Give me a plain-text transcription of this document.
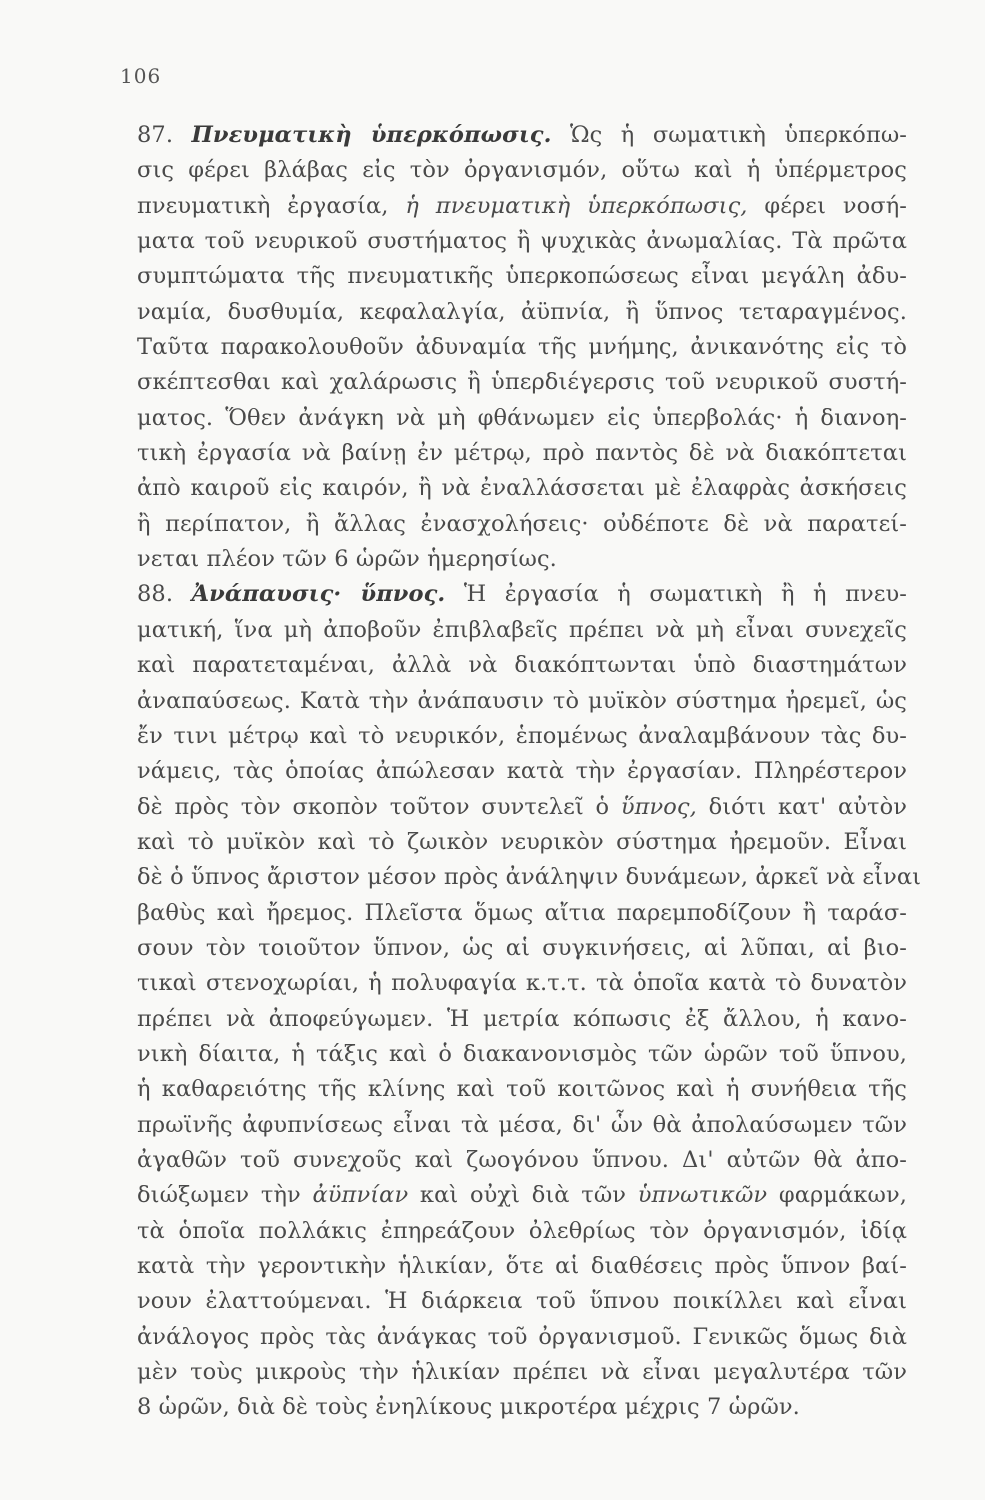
106
87. Πνευματικὴ ὑπερκόπωσις. Ὡς ἡ σωματικὴ ὑπερκόπω-
σις φέρει βλάβας εἰς τὸν ὀργανισμόν, οὕτω καὶ ἡ ὑπέρμετρος
πνευματικὴ ἐργασία, ἡ πνευματικὴ ὑπερκόπωσις, φέρει νοσή-
ματα τοῦ νευρικοῦ συστήματος ἢ ψυχικὰς ἀνωμαλίας. Τὰ πρῶτα
συμπτώματα τῆς πνευματικῆς ὑπερκοπώσεως εἶναι μεγάλη ἀδυ-
ναμία, δυσθυμία, κεφαλαλγία, ἀϋπνία, ἢ ὕπνος τεταραγμένος.
Ταῦτα παρακολουθοῦν ἀδυναμία τῆς μνήμης, ἀνικανότης εἰς τὸ
σκέπτεσθαι καὶ χαλάρωσις ἢ ὑπερδιέγερσις τοῦ νευρικοῦ συστή-
ματος. Ὅθεν ἀνάγκη νὰ μὴ φθάνωμεν εἰς ὑπερβολάς· ἡ διανοη-
τικὴ ἐργασία νὰ βαίνῃ ἐν μέτρῳ, πρὸ παντὸς δὲ νὰ διακόπτεται
ἀπὸ καιροῦ εἰς καιρόν, ἢ νὰ ἐναλλάσσεται μὲ ἐλαφρὰς ἀσκήσεις
ἢ περίπατον, ἢ ἄλλας ἐνασχολήσεις· οὐδέποτε δὲ νὰ παρατεί-
νεται πλέον τῶν 6 ὡρῶν ἡμερησίως.
88. Ἀνάπαυσις· ὕπνος. Ἡ ἐργασία ἡ σωματικὴ ἢ ἡ πνευ-
ματική, ἵνα μὴ ἀποβοῦν ἐπιβλαβεῖς πρέπει νὰ μὴ εἶναι συνεχεῖς
καὶ παρατεταμέναι, ἀλλὰ νὰ διακόπτωνται ὑπὸ διαστημάτων
ἀναπαύσεως. Κατὰ τὴν ἀνάπαυσιν τὸ μυϊκὸν σύστημα ἠρεμεῖ, ὡς
ἔν τινι μέτρῳ καὶ τὸ νευρικόν, ἑπομένως ἀναλαμβάνουν τὰς δυ-
νάμεις, τὰς ὁποίας ἀπώλεσαν κατὰ τὴν ἐργασίαν. Πληρέστερον
δὲ πρὸς τὸν σκοπὸν τοῦτον συντελεῖ ὁ ὕπνος, διότι κατ' αὐτὸν
καὶ τὸ μυϊκὸν καὶ τὸ ζωικὸν νευρικὸν σύστημα ἠρεμοῦν. Εἶναι
δὲ ὁ ὕπνος ἄριστον μέσον πρὸς ἀνάληψιν δυνάμεων, ἀρκεῖ νὰ εἶναι
βαθὺς καὶ ἤρεμος. Πλεῖστα ὅμως αἴτια παρεμποδίζουν ἢ ταράσ-
σουν τὸν τοιοῦτον ὕπνον, ὡς αἱ συγκινήσεις, αἱ λῦπαι, αἱ βιο-
τικαὶ στενοχωρίαι, ἡ πολυφαγία κ.τ.τ. τὰ ὁποῖα κατὰ τὸ δυνατὸν
πρέπει νὰ ἀποφεύγωμεν. Ἡ μετρία κόπωσις ἐξ ἄλλου, ἡ κανο-
νικὴ δίαιτα, ἡ τάξις καὶ ὁ διακανονισμὸς τῶν ὡρῶν τοῦ ὕπνου,
ἡ καθαρειότης τῆς κλίνης καὶ τοῦ κοιτῶνος καὶ ἡ συνήθεια τῆς
πρωϊνῆς ἀφυπνίσεως εἶναι τὰ μέσα, δι' ὧν θὰ ἀπολαύσωμεν τῶν
ἀγαθῶν τοῦ συνεχοῦς καὶ ζωογόνου ὕπνου. Δι' αὐτῶν θὰ ἀπο-
διώξωμεν τὴν ἀϋπνίαν καὶ οὐχὶ διὰ τῶν ὑπνωτικῶν φαρμάκων,
τὰ ὁποῖα πολλάκις ἐπηρεάζουν ὀλεθρίως τὸν ὀργανισμόν, ἰδίᾳ
κατὰ τὴν γεροντικὴν ἡλικίαν, ὅτε αἱ διαθέσεις πρὸς ὕπνον βαί-
νουν ἐλαττούμεναι. Ἡ διάρκεια τοῦ ὕπνου ποικίλλει καὶ εἶναι
ἀνάλογος πρὸς τὰς ἀνάγκας τοῦ ὀργανισμοῦ. Γενικῶς ὅμως διὰ
μὲν τοὺς μικροὺς τὴν ἡλικίαν πρέπει νὰ εἶναι μεγαλυτέρα τῶν
8 ὡρῶν, διὰ δὲ τοὺς ἐνηλίκους μικροτέρα μέχρις 7 ὡρῶν.
